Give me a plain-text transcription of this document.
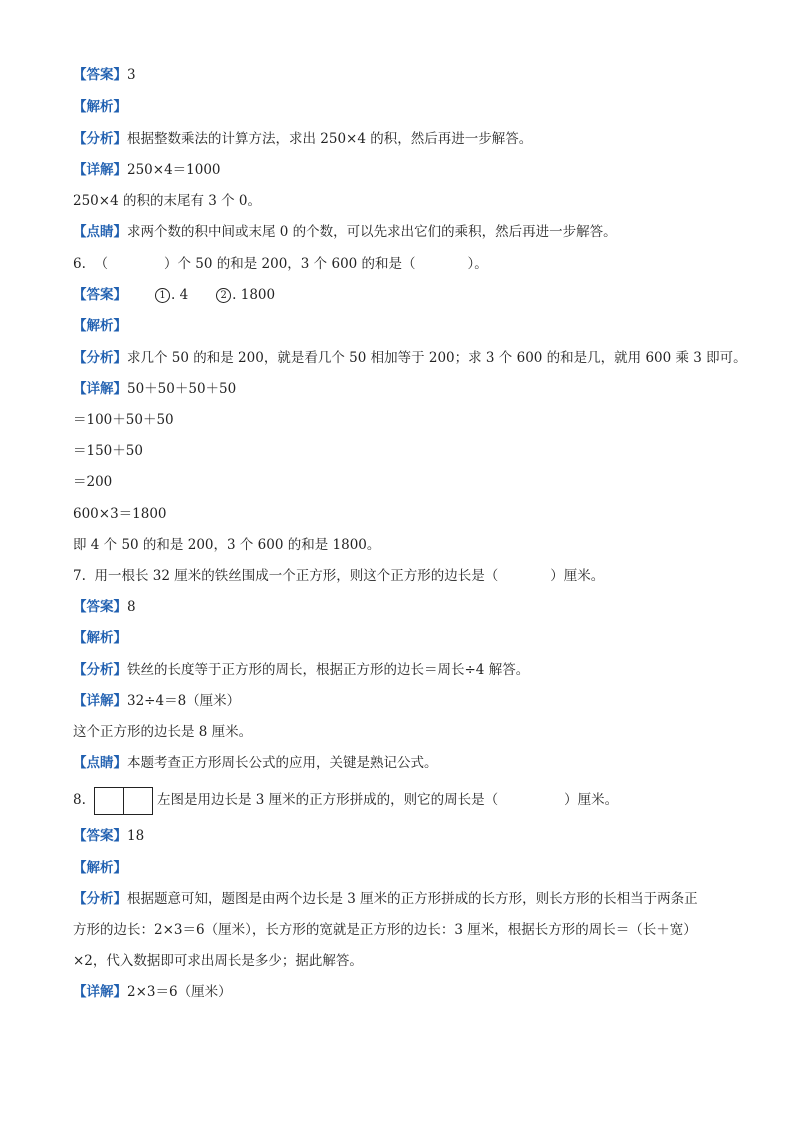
【答案】3
【解析】
【分析】根据整数乘法的计算方法，求出 250×4 的积，然后再进一步解答。
【详解】250×4＝1000
250×4 的积的末尾有 3 个 0。
【点睛】求两个数的积中间或末尾 0 的个数，可以先求出它们的乘积，然后再进一步解答。
6. （	）个 50 的和是 200，3 个 600 的和是（	）。
【答案】	1 . 4	2 . 1800
【解析】
【分析】求几个 50 的和是 200，就是看几个 50 相加等于 200；求 3 个 600 的和是几，就用 600 乘 3 即可。
【详解】50＋50＋50＋50
＝100＋50＋50
＝150＋50
＝200
600×3＝1800
即 4 个 50 的和是 200，3 个 600 的和是 1800。
7. 用一根长 32 厘米的铁丝围成一个正方形，则这个正方形的边长是（	）厘米。
【答案】8
【解析】
【分析】铁丝的长度等于正方形的周长，根据正方形的边长＝周长÷4 解答。
【详解】32÷4＝8（厘米）
这个正方形的边长是 8 厘米。
【点睛】本题考查正方形周长公式的应用，关键是熟记公式。
8.	左图是用边长是 3 厘米的正方形拼成的，则它的周长是（	）厘米。
【答案】18
【解析】
【分析】根据题意可知，题图是由两个边长是 3 厘米的正方形拼成的长方形，则长方形的长相当于两条正
方形的边长：2×3＝6（厘米），长方形的宽就是正方形的边长：3 厘米，根据长方形的周长＝（长＋宽）
×2，代入数据即可求出周长是多少；据此解答。
【详解】2×3＝6（厘米）
